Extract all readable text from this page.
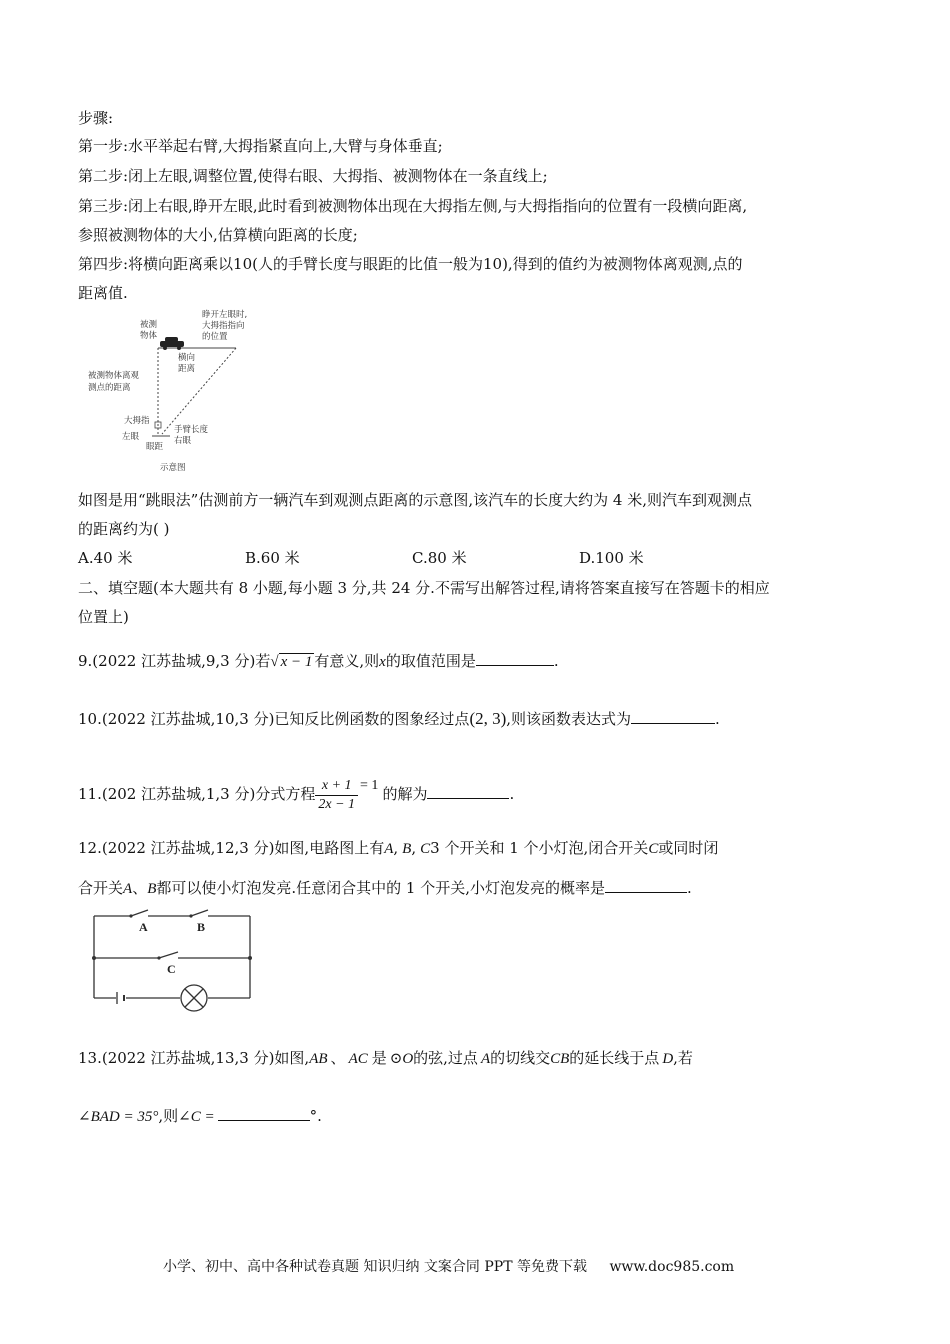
步骤:
第一步:水平举起右臂,大拇指紧直向上,大臂与身体垂直;
第二步:闭上左眼,调整位置,使得右眼、大拇指、被测物体在一条直线上;
第三步:闭上右眼,睁开左眼,此时看到被测物体出现在大拇指左侧,与大拇指指向的位置有一段横向距离,
参照被测物体的大小,估算横向距离的长度;
第四步:将横向距离乘以10(人的手臂长度与眼距的比值一般为10),得到的值约为被测物体离观测,点的
距离值.
被测
物体
睁开左眼时,
大拇指指向
的位置
横向
距离
被测物体离观
测点的距离
大拇指
左眼
手臂长度
右眼
眼距
示意图
如图是用“跳眼法”估测前方一辆汽车到观测点距离的示意图,该汽车的长度大约为 4 米,则汽车到观测点
的距离约为( )
A.40 米	B.60 米	C.80 米	D.100 米
二、填空题(本大题共有 8 小题,每小题 3 分,共 24 分.不需写出解答过程,请将答案直接写在答题卡的相应
位置上)
9.(2022 江苏盐城,9,3 分)若√ x − 1 有意义,则x的取值范围是	.
10.(2022 江苏盐城,10,3 分)已知反比例函数的图象经过点(2, 3),则该函数表达式为	.
11.(202 江苏盐城,1,3 分)分式方程 $\frac{x + 1}{2x - 1} = 1$ 的解为	.
12.(2022 江苏盐城,12,3 分)如图,电路图上有A, B, C3 个开关和 1 个小灯泡,闭合开关C或同时闭
合开关A、B都可以使小灯泡发亮.任意闭合其中的 1 个开关,小灯泡发亮的概率是	.
A	B
C
13.(2022 江苏盐城,13,3 分)如图,AB 、 AC 是 ⊙O的弦,过点 A的切线交CB的延长线于点 D,若
∠BAD = 35°,则∠C =	°.
小学、初中、高中各种试卷真题 知识归纳 文案合同 PPT 等免费下载 www.doc985.com
